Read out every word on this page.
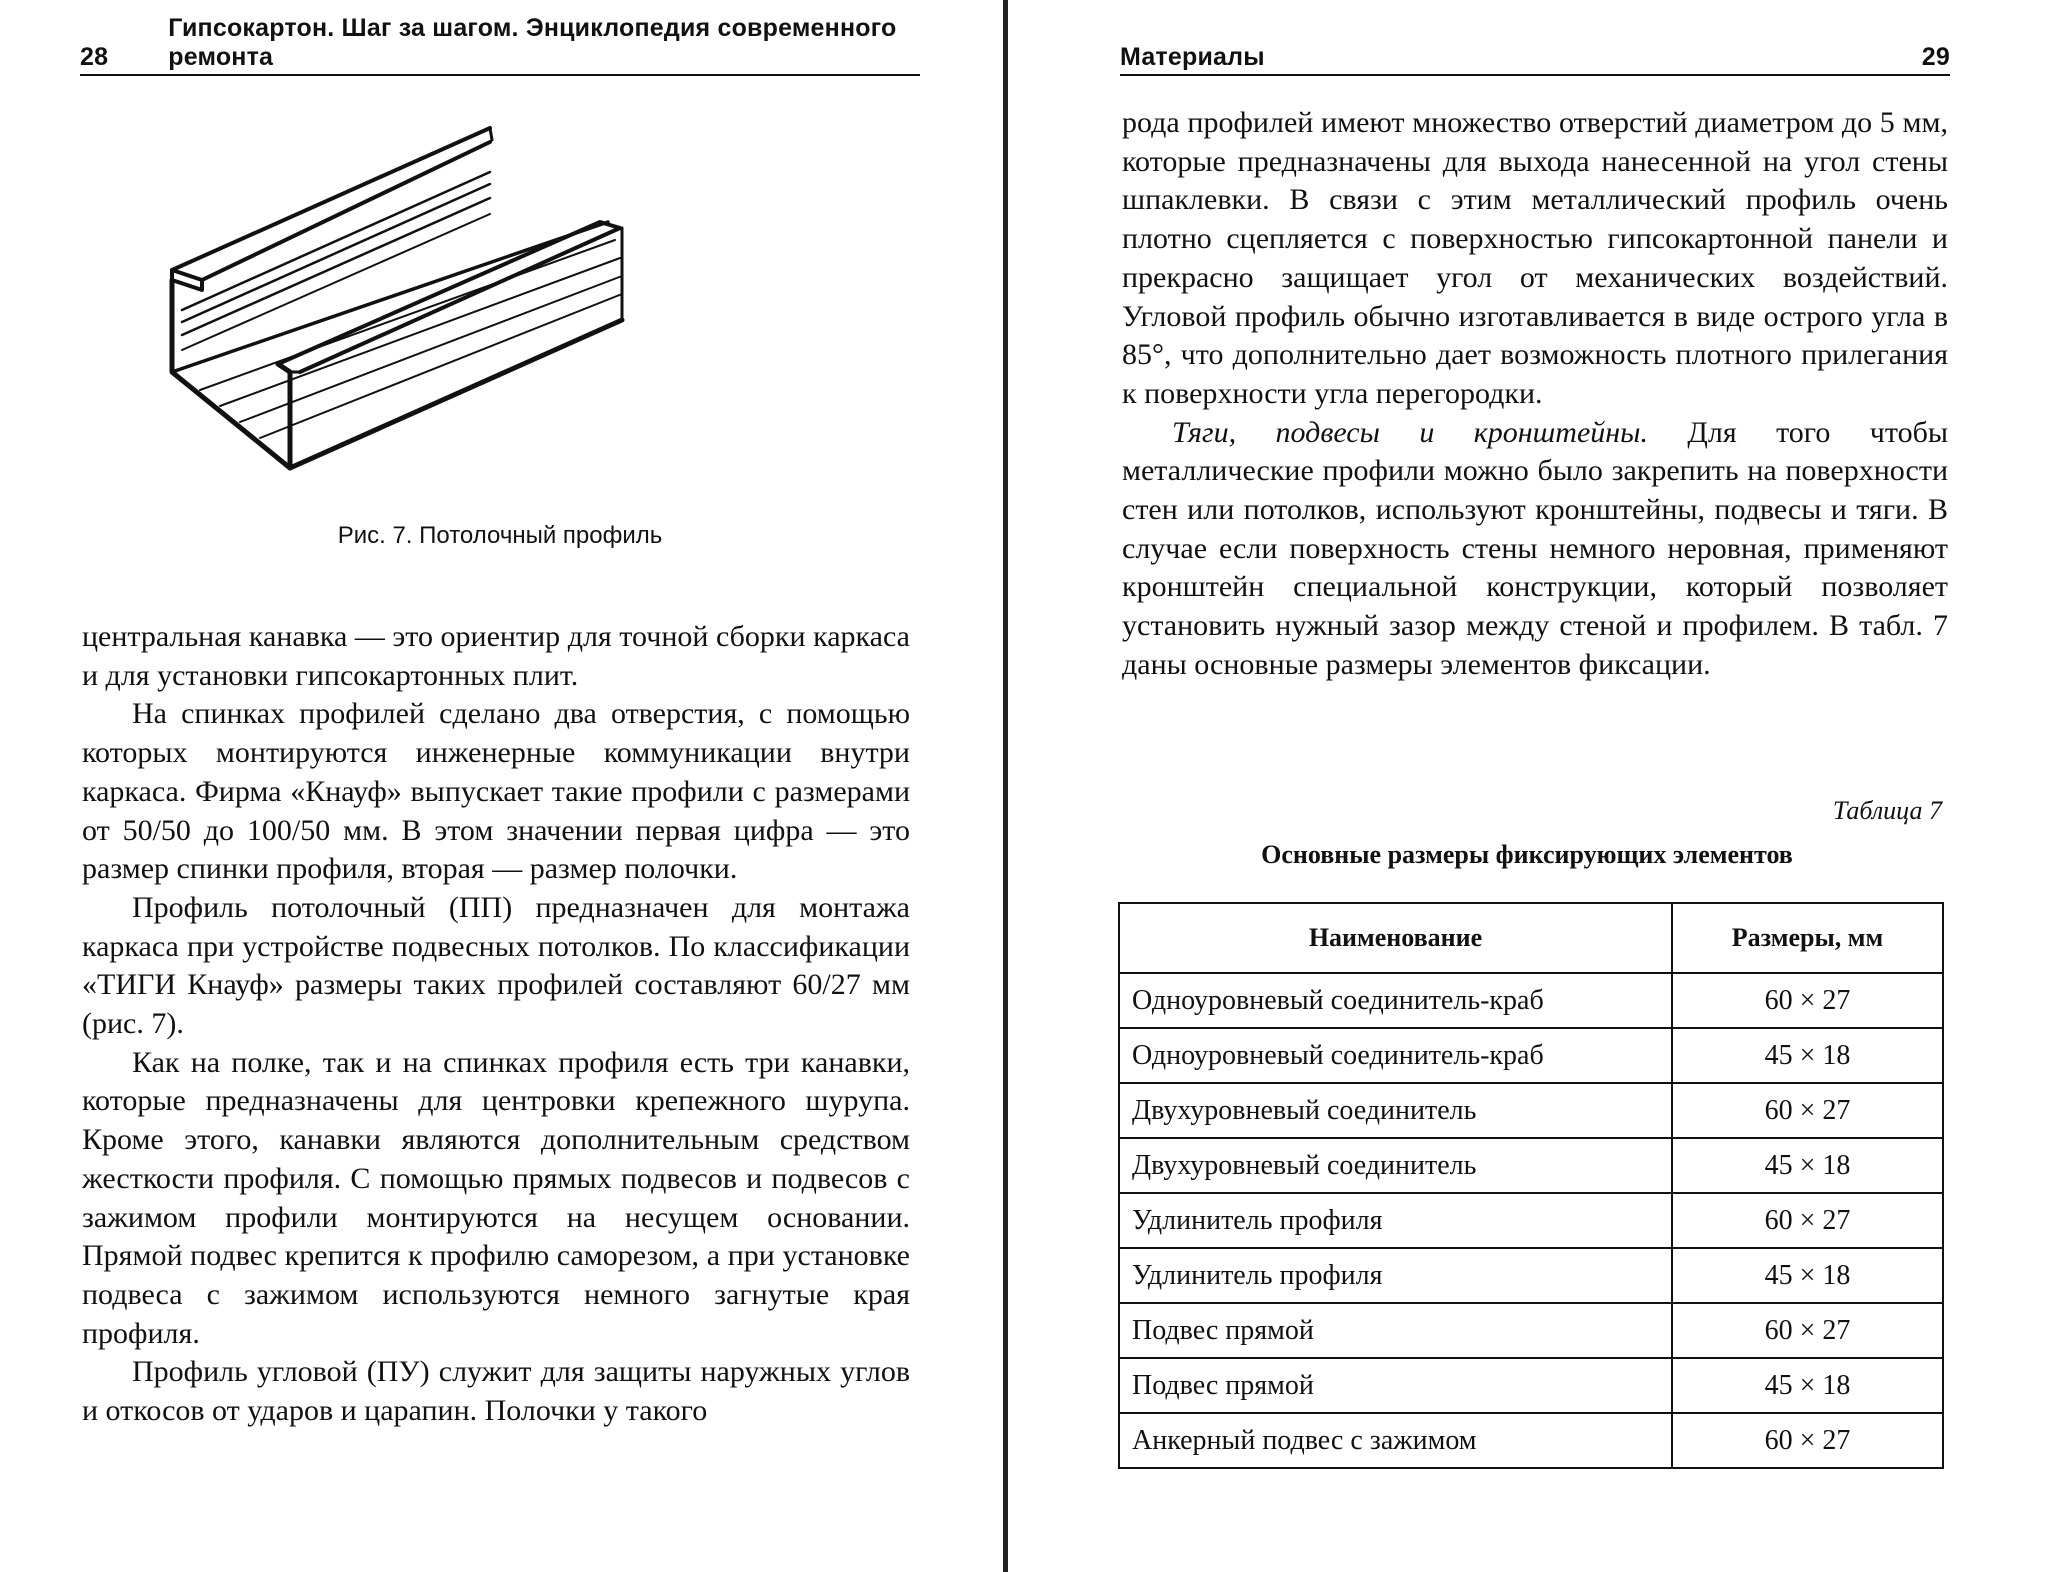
28
Гипсокартон. Шаг за шагом. Энциклопедия современного ремонта
Рис. 7. Потолочный профиль

центральная канавка — это ориентир для точной сборки каркаса и для установки гипсокартонных плит.

На спинках профилей сделано два отверстия, с помощью которых монтируются инженерные коммуникации внутри каркаса. Фирма «Кнауф» выпускает такие профили с размерами от 50/50 до 100/50 мм. В этом значении первая цифра — это размер спинки профиля, вторая — размер полочки.

Профиль потолочный (ПП) предназначен для монтажа каркаса при устройстве подвесных потолков. По классификации «ТИГИ Кнауф» размеры таких профилей составляют 60/27 мм (рис. 7).

Как на полке, так и на спинках профиля есть три канавки, которые предназначены для центровки крепежного шурупа. Кроме этого, канавки являются дополнительным средством жесткости профиля. С помощью прямых подвесов и подвесов с зажимом профили монтируются на несущем основании. Прямой подвес крепится к профилю саморезом, а при установке подвеса с зажимом используются немного загнутые края профиля.

Профиль угловой (ПУ) служит для защиты наружных углов и откосов от ударов и царапин. Полочки у такого

Материалы	29

рода профилей имеют множество отверстий диаметром до 5 мм, которые предназначены для выхода нанесенной на угол стены шпаклевки. В связи с этим металлический профиль очень плотно сцепляется с поверхностью гипсокартонной панели и прекрасно защищает угол от механических воздействий. Угловой профиль обычно изготавливается в виде острого угла в 85°, что дополнительно дает возможность плотного прилегания к поверхности угла перегородки.

Тяги, подвесы и кронштейны. Для того чтобы металлические профили можно было закрепить на поверхности стен или потолков, используют кронштейны, подвесы и тяги. В случае если поверхность стены немного неровная, применяют кронштейн специальной конструкции, который позволяет установить нужный зазор между стеной и профилем. В табл. 7 даны основные размеры элементов фиксации.

Таблица 7
Основные размеры фиксирующих элементов
Наименование	Размеры, мм
Одноуровневый соединитель-краб	60 × 27
Одноуровневый соединитель-краб	45 × 18
Двухуровневый соединитель	60 × 27
Двухуровневый соединитель	45 × 18
Удлинитель профиля	60 × 27
Удлинитель профиля	45 × 18
Подвес прямой	60 × 27
Подвес прямой	45 × 18
Анкерный подвес с зажимом	60 × 27
